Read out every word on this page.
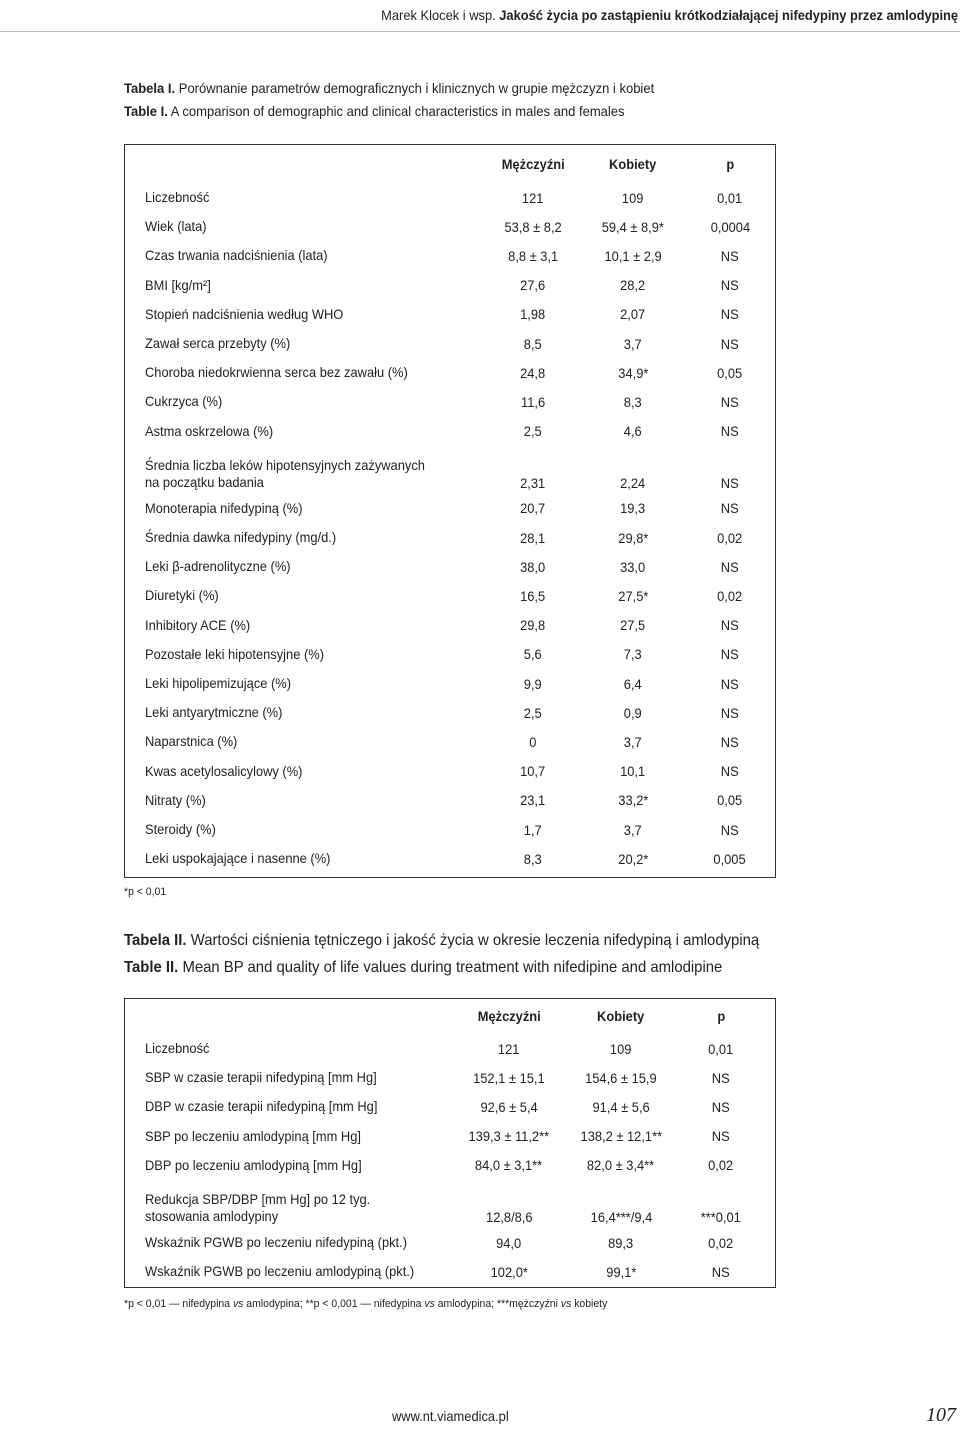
Marek Klocek i wsp. Jakość życia po zastąpieniu krótkodziałającej nifedypiny przez amlodypinę
Tabela I. Porównanie parametrów demograficznych i klinicznych w grupie mężczyzn i kobiet
Table I. A comparison of demographic and clinical characteristics in males and females
Mężczyźni	Kobiety	p
Liczebność	121	109	0,01
Wiek (lata)	53,8 ± 8,2	59,4 ± 8,9*	0,0004
Czas trwania nadciśnienia (lata)	8,8 ± 3,1	10,1 ± 2,9	NS
BMI [kg/m²]	27,6	28,2	NS
Stopień nadciśnienia według WHO	1,98	2,07	NS
Zawał serca przebyty (%)	8,5	3,7	NS
Choroba niedokrwienna serca bez zawału (%)	24,8	34,9*	0,05
Cukrzyca (%)	11,6	8,3	NS
Astma oskrzelowa (%)	2,5	4,6	NS
Średnia liczba leków hipotensyjnych zażywanych
na początku badania	2,31	2,24	NS
Monoterapia nifedypiną (%)	20,7	19,3	NS
Średnia dawka nifedypiny (mg/d.)	28,1	29,8*	0,02
Leki β-adrenolityczne (%)	38,0	33,0	NS
Diuretyki (%)	16,5	27,5*	0,02
Inhibitory ACE (%)	29,8	27,5	NS
Pozostałe leki hipotensyjne (%)	5,6	7,3	NS
Leki hipolipemizujące (%)	9,9	6,4	NS
Leki antyarytmiczne (%)	2,5	0,9	NS
Naparstnica (%)	0	3,7	NS
Kwas acetylosalicylowy (%)	10,7	10,1	NS
Nitraty (%)	23,1	33,2*	0,05
Steroidy (%)	1,7	3,7	NS
Leki uspokajające i nasenne (%)	8,3	20,2*	0,005
*p < 0,01
Tabela II. Wartości ciśnienia tętniczego i jakość życia w okresie leczenia nifedypiną i amlodypiną
Table II. Mean BP and quality of life values during treatment with nifedipine and amlodipine
Mężczyźni	Kobiety	p
Liczebność	121	109	0,01
SBP w czasie terapii nifedypiną [mm Hg]	152,1 ± 15,1	154,6 ± 15,9	NS
DBP w czasie terapii nifedypiną [mm Hg]	92,6 ± 5,4	91,4 ± 5,6	NS
SBP po leczeniu amlodypiną [mm Hg]	139,3 ± 11,2** 138,2 ± 12,1**	NS
DBP po leczeniu amlodypiną [mm Hg]	84,0 ± 3,1**	82,0 ± 3,4**	0,02
Redukcja SBP/DBP [mm Hg] po 12 tyg.
stosowania amlodypiny	12,8/8,6	16,4***/9,4	***0,01
Wskaźnik PGWB po leczeniu nifedypiną (pkt.)	94,0	89,3	0,02
Wskaźnik PGWB po leczeniu amlodypiną (pkt.)	102,0*	99,1*	NS
*p < 0,01 — nifedypina vs amlodypina; **p < 0,001 — nifedypina vs amlodypina; ***mężczyźni vs kobiety
www.nt.viamedica.pl	107
